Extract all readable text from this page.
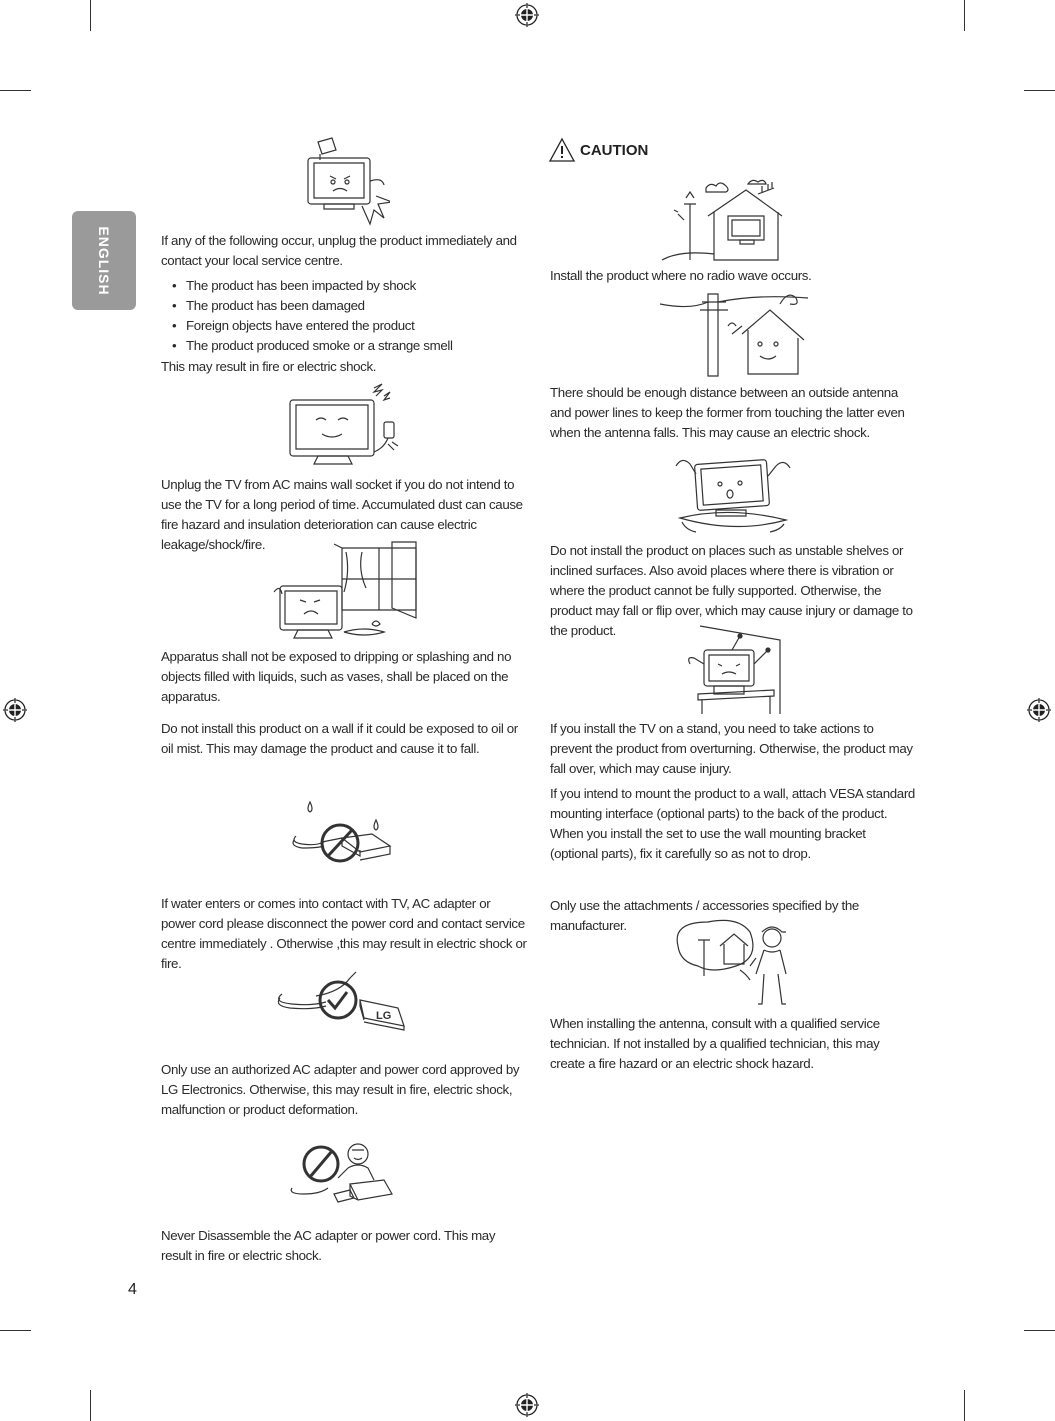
ENGLISH	If any of the following occur, unplug the product immediately and contact your local service centre.

• The product has been impacted by shock
• The product has been damaged
• Foreign objects have entered the product
• The product produced smoke or a strange smell

This may result in fire or electric shock.

Unplug the TV from AC mains wall socket if you do not intend to use the TV for a long period of time. Accumulated dust can cause fire hazard and insulation deterioration can cause electric leakage/shock/fire.

Apparatus shall not be exposed to dripping or splashing and no objects filled with liquids, such as vases, shall be placed on the apparatus.

Do not install this product on a wall if it could be exposed to oil or oil mist. This may damage the product and cause it to fall.

If water enters or comes into contact with TV, AC adapter or power cord please disconnect the power cord and contact service centre immediately . Otherwise ,this may result in electric shock or fire.

LG

Only use an authorized AC adapter and power cord approved by LG Electronics. Otherwise, this may result in fire, electric shock, malfunction or product deformation.

Never Disassemble the AC adapter or power cord. This may result in fire or electric shock.

4
CAUTION

Install the product where no radio wave occurs.

There should be enough distance between an outside antenna and power lines to keep the former from touching the latter even when the antenna falls. This may cause an electric shock.

Do not install the product on places such as unstable shelves or inclined surfaces. Also avoid places where there is vibration or where the product cannot be fully supported. Otherwise, the product may fall or flip over, which may cause injury or damage to the product.

If you install the TV on a stand, you need to take actions to prevent the product from overturning. Otherwise, the product may fall over, which may cause injury.

If you intend to mount the product to a wall, attach VESA standard mounting interface (optional parts) to the back of the product. When you install the set to use the wall mounting bracket (optional parts), fix it carefully so as not to drop.

Only use the attachments / accessories specified by the manufacturer.

When installing the antenna, consult with a qualified service technician. If not installed by a qualified technician, this may create a fire hazard or an electric shock hazard.
